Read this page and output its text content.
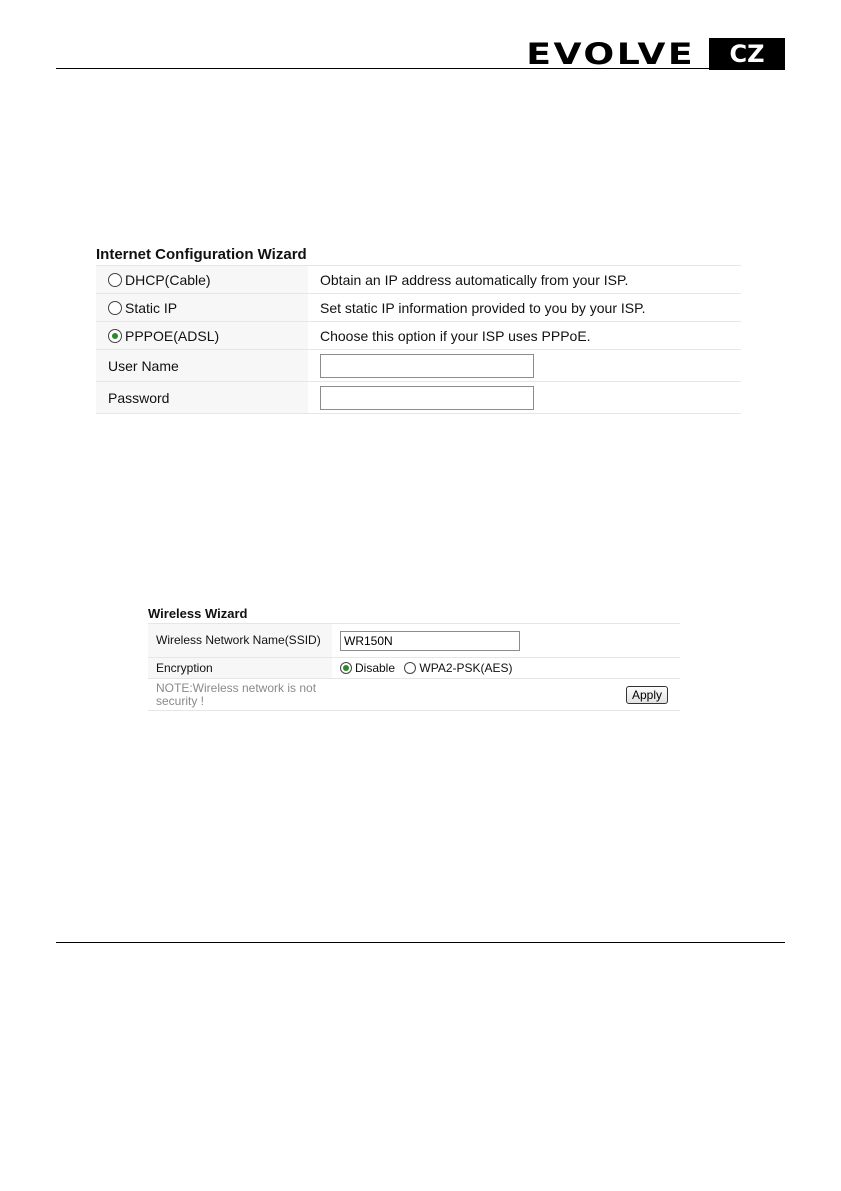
EVOLVE	CZ
Internet Configuration Wizard
DHCP(Cable)	Obtain an IP address automatically from your ISP.
Static IP	Set static IP information provided to you by your ISP.
PPPOE(ADSL)	Choose this option if your ISP uses PPPoE.
User Name	
Password	
Wireless Wizard
Wireless Network Name(SSID)	WR150N
Encryption	Disable WPA2-PSK(AES)
NOTE:Wireless network is not security !	Apply
